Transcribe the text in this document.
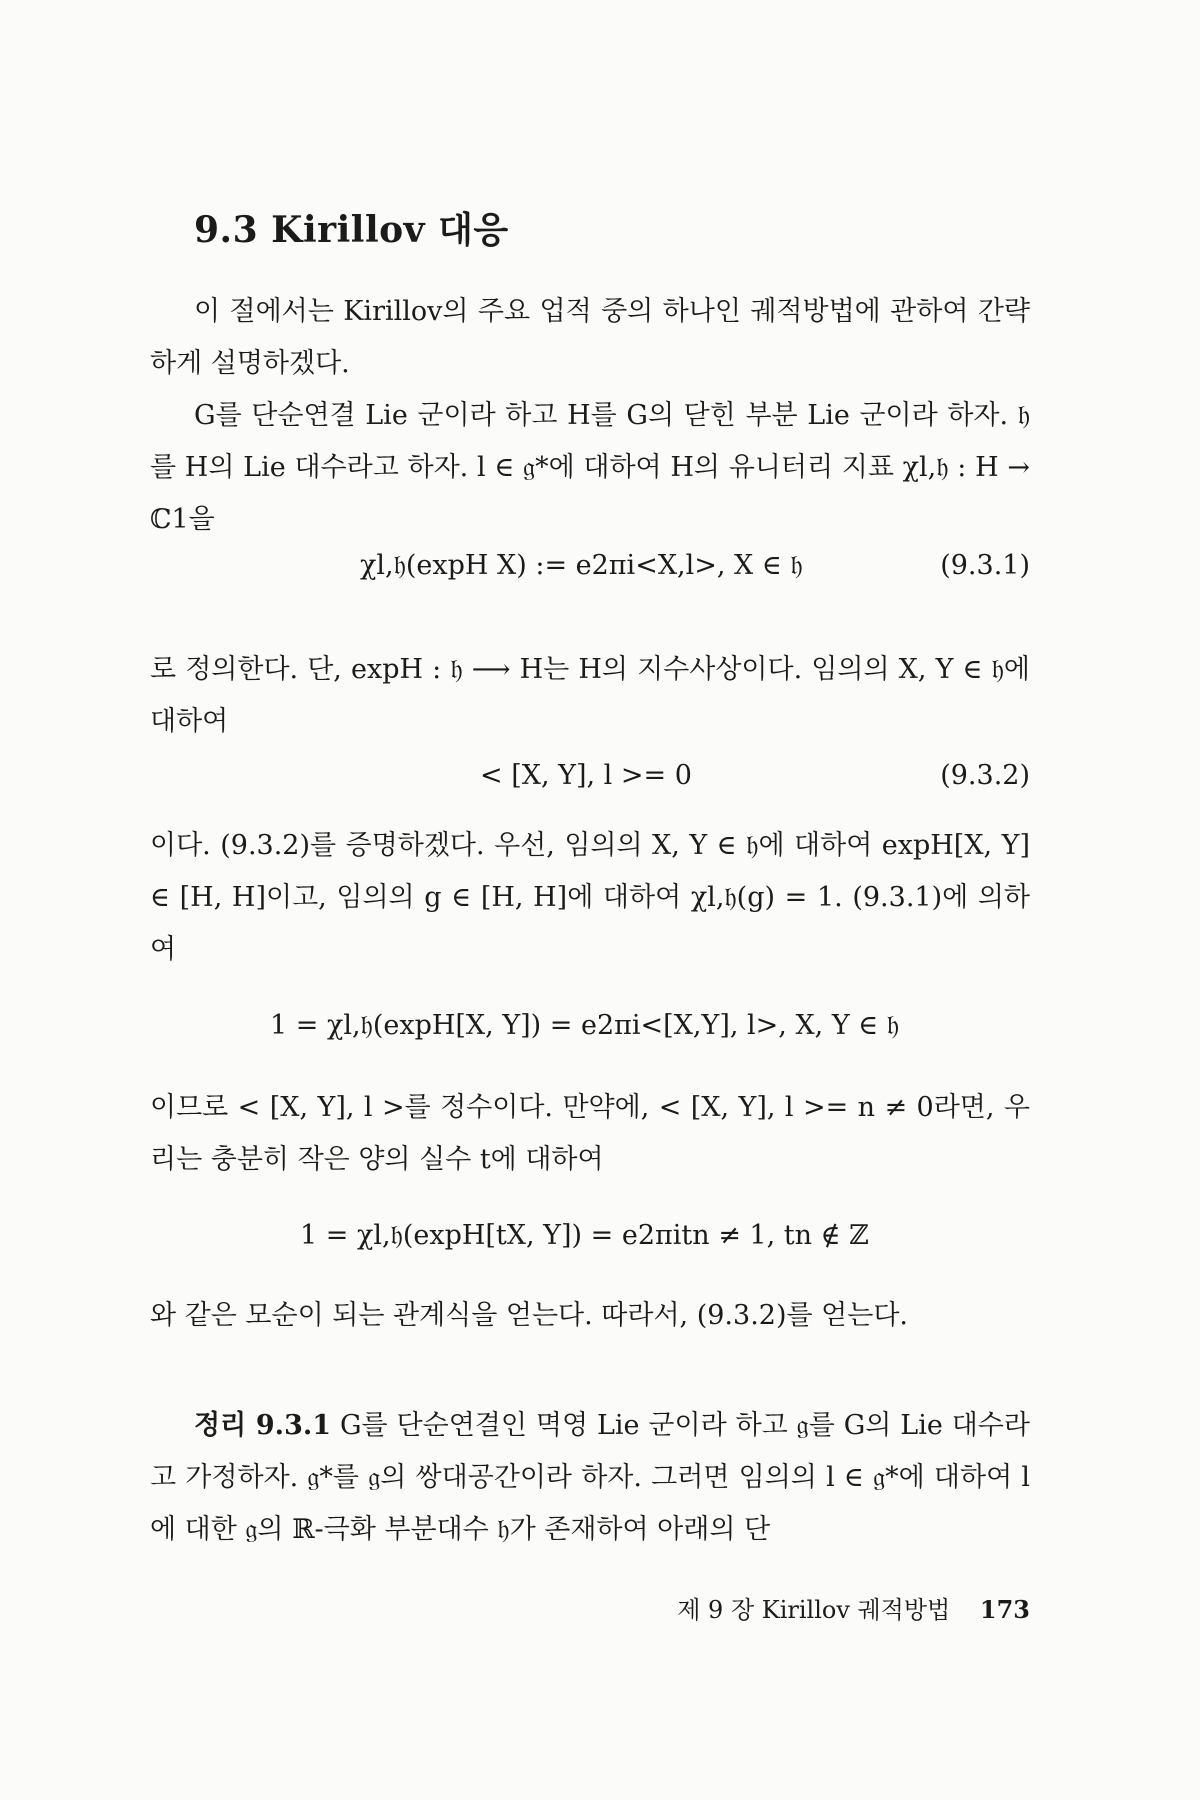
9.3 Kirillov 대응
이 절에서는 Kirillov의 주요 업적 중의 하나인 궤적방법에 관하여 간략하게 설명하겠다.
G를 단순연결 Lie 군이라 하고 H를 G의 닫힌 부분 Lie 군이라 하자. 𝔥를 H의 Lie 대수라고 하자. l ∈ 𝔤*에 대하여 H의 유니터리 지표 χl,𝔥 : H → ℂ1을
χl,𝔥(expH X) := e2πi<X,l>, X ∈ 𝔥	(9.3.1)
로 정의한다. 단, expH : 𝔥 ⟶ H는 H의 지수사상이다. 임의의 X, Y ∈ 𝔥에 대하여
< [X, Y], l >= 0	(9.3.2)
이다. (9.3.2)를 증명하겠다. 우선, 임의의 X, Y ∈ 𝔥에 대하여 expH[X, Y] ∈ [H, H]이고, 임의의 g ∈ [H, H]에 대하여 χl,𝔥(g) = 1. (9.3.1)에 의하여
1 = χl,𝔥(expH[X, Y]) = e2πi<[X,Y], l>, X, Y ∈ 𝔥
이므로 < [X, Y], l >를 정수이다. 만약에, < [X, Y], l >= n ≠ 0라면, 우리는 충분히 작은 양의 실수 t에 대하여
1 = χl,𝔥(expH[tX, Y]) = e2πitn ≠ 1, tn ∉ ℤ
와 같은 모순이 되는 관계식을 얻는다. 따라서, (9.3.2)를 얻는다.
정리 9.3.1 G를 단순연결인 멱영 Lie 군이라 하고 𝔤를 G의 Lie 대수라고 가정하자. 𝔤*를 𝔤의 쌍대공간이라 하자. 그러면 임의의 l ∈ 𝔤*에 대하여 l에 대한 𝔤의 ℝ-극화 부분대수 𝔥가 존재하여 아래의 단
제 9 장 Kirillov 궤적방법 173
